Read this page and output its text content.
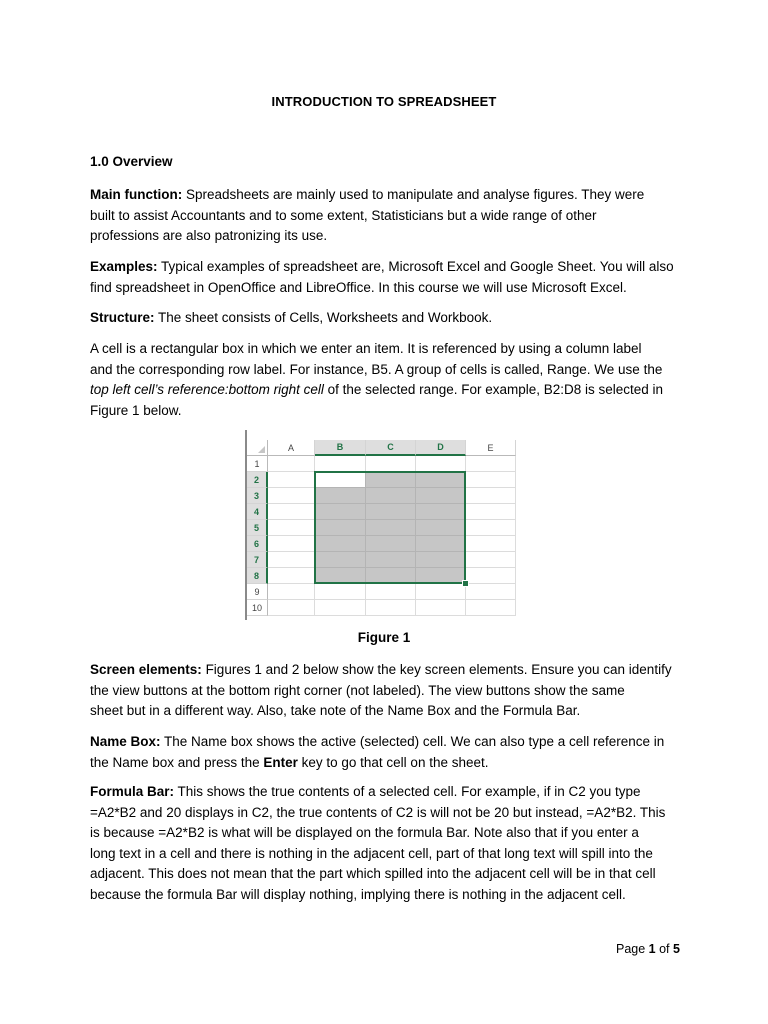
INTRODUCTION TO SPREADSHEET
1.0 Overview
Main function: Spreadsheets are mainly used to manipulate and analyse figures. They were
built to assist Accountants and to some extent, Statisticians but a wide range of other
professions are also patronizing its use.
Examples: Typical examples of spreadsheet are, Microsoft Excel and Google Sheet. You will also
find spreadsheet in OpenOffice and LibreOffice. In this course we will use Microsoft Excel.
Structure: The sheet consists of Cells, Worksheets and Workbook.
A cell is a rectangular box in which we enter an item. It is referenced by using a column label
and the corresponding row label. For instance, B5. A group of cells is called, Range. We use the
top left cell’s reference:bottom right cell of the selected range. For example, B2:D8 is selected in
Figure 1 below.
A	B	C	D	E
1
2
3
4
5
6
7
8
9
10
Figure 1
Screen elements: Figures 1 and 2 below show the key screen elements. Ensure you can identify
the view buttons at the bottom right corner (not labeled). The view buttons show the same
sheet but in a different way. Also, take note of the Name Box and the Formula Bar.
Name Box: The Name box shows the active (selected) cell. We can also type a cell reference in
the Name box and press the Enter key to go that cell on the sheet.
Formula Bar: This shows the true contents of a selected cell. For example, if in C2 you type
=A2*B2 and 20 displays in C2, the true contents of C2 is will not be 20 but instead, =A2*B2. This
is because =A2*B2 is what will be displayed on the formula Bar. Note also that if you enter a
long text in a cell and there is nothing in the adjacent cell, part of that long text will spill into the
adjacent. This does not mean that the part which spilled into the adjacent cell will be in that cell
because the formula Bar will display nothing, implying there is nothing in the adjacent cell.
Page 1 of 5
